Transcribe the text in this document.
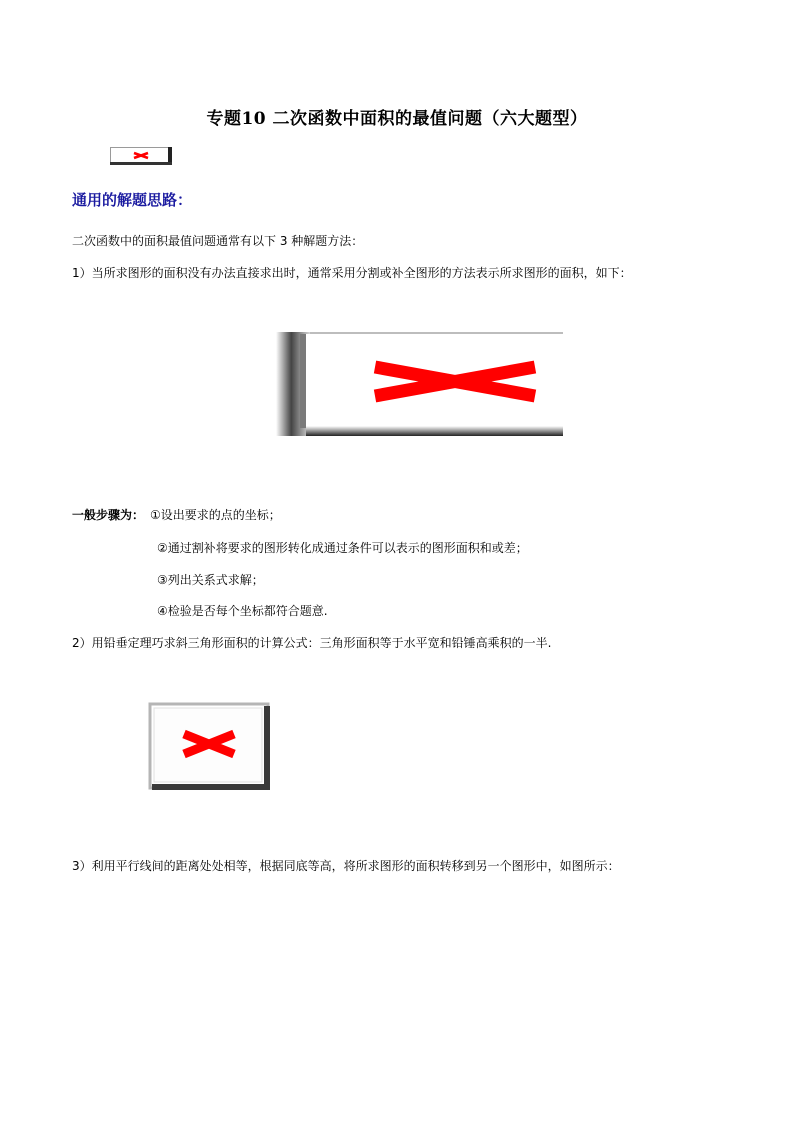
专题10 二次函数中面积的最值问题（六大题型）
通用的解题思路：
二次函数中的面积最值问题通常有以下 3 种解题方法：
1）当所求图形的面积没有办法直接求出时，通常采用分割或补全图形的方法表示所求图形的面积，如下：
一般步骤为： ①设出要求的点的坐标；
②通过割补将要求的图形转化成通过条件可以表示的图形面积和或差；
③列出关系式求解；
④检验是否每个坐标都符合题意.
2）用铅垂定理巧求斜三角形面积的计算公式：三角形面积等于水平宽和铅锤高乘积的一半.
3）利用平行线间的距离处处相等，根据同底等高，将所求图形的面积转移到另一个图形中，如图所示：
